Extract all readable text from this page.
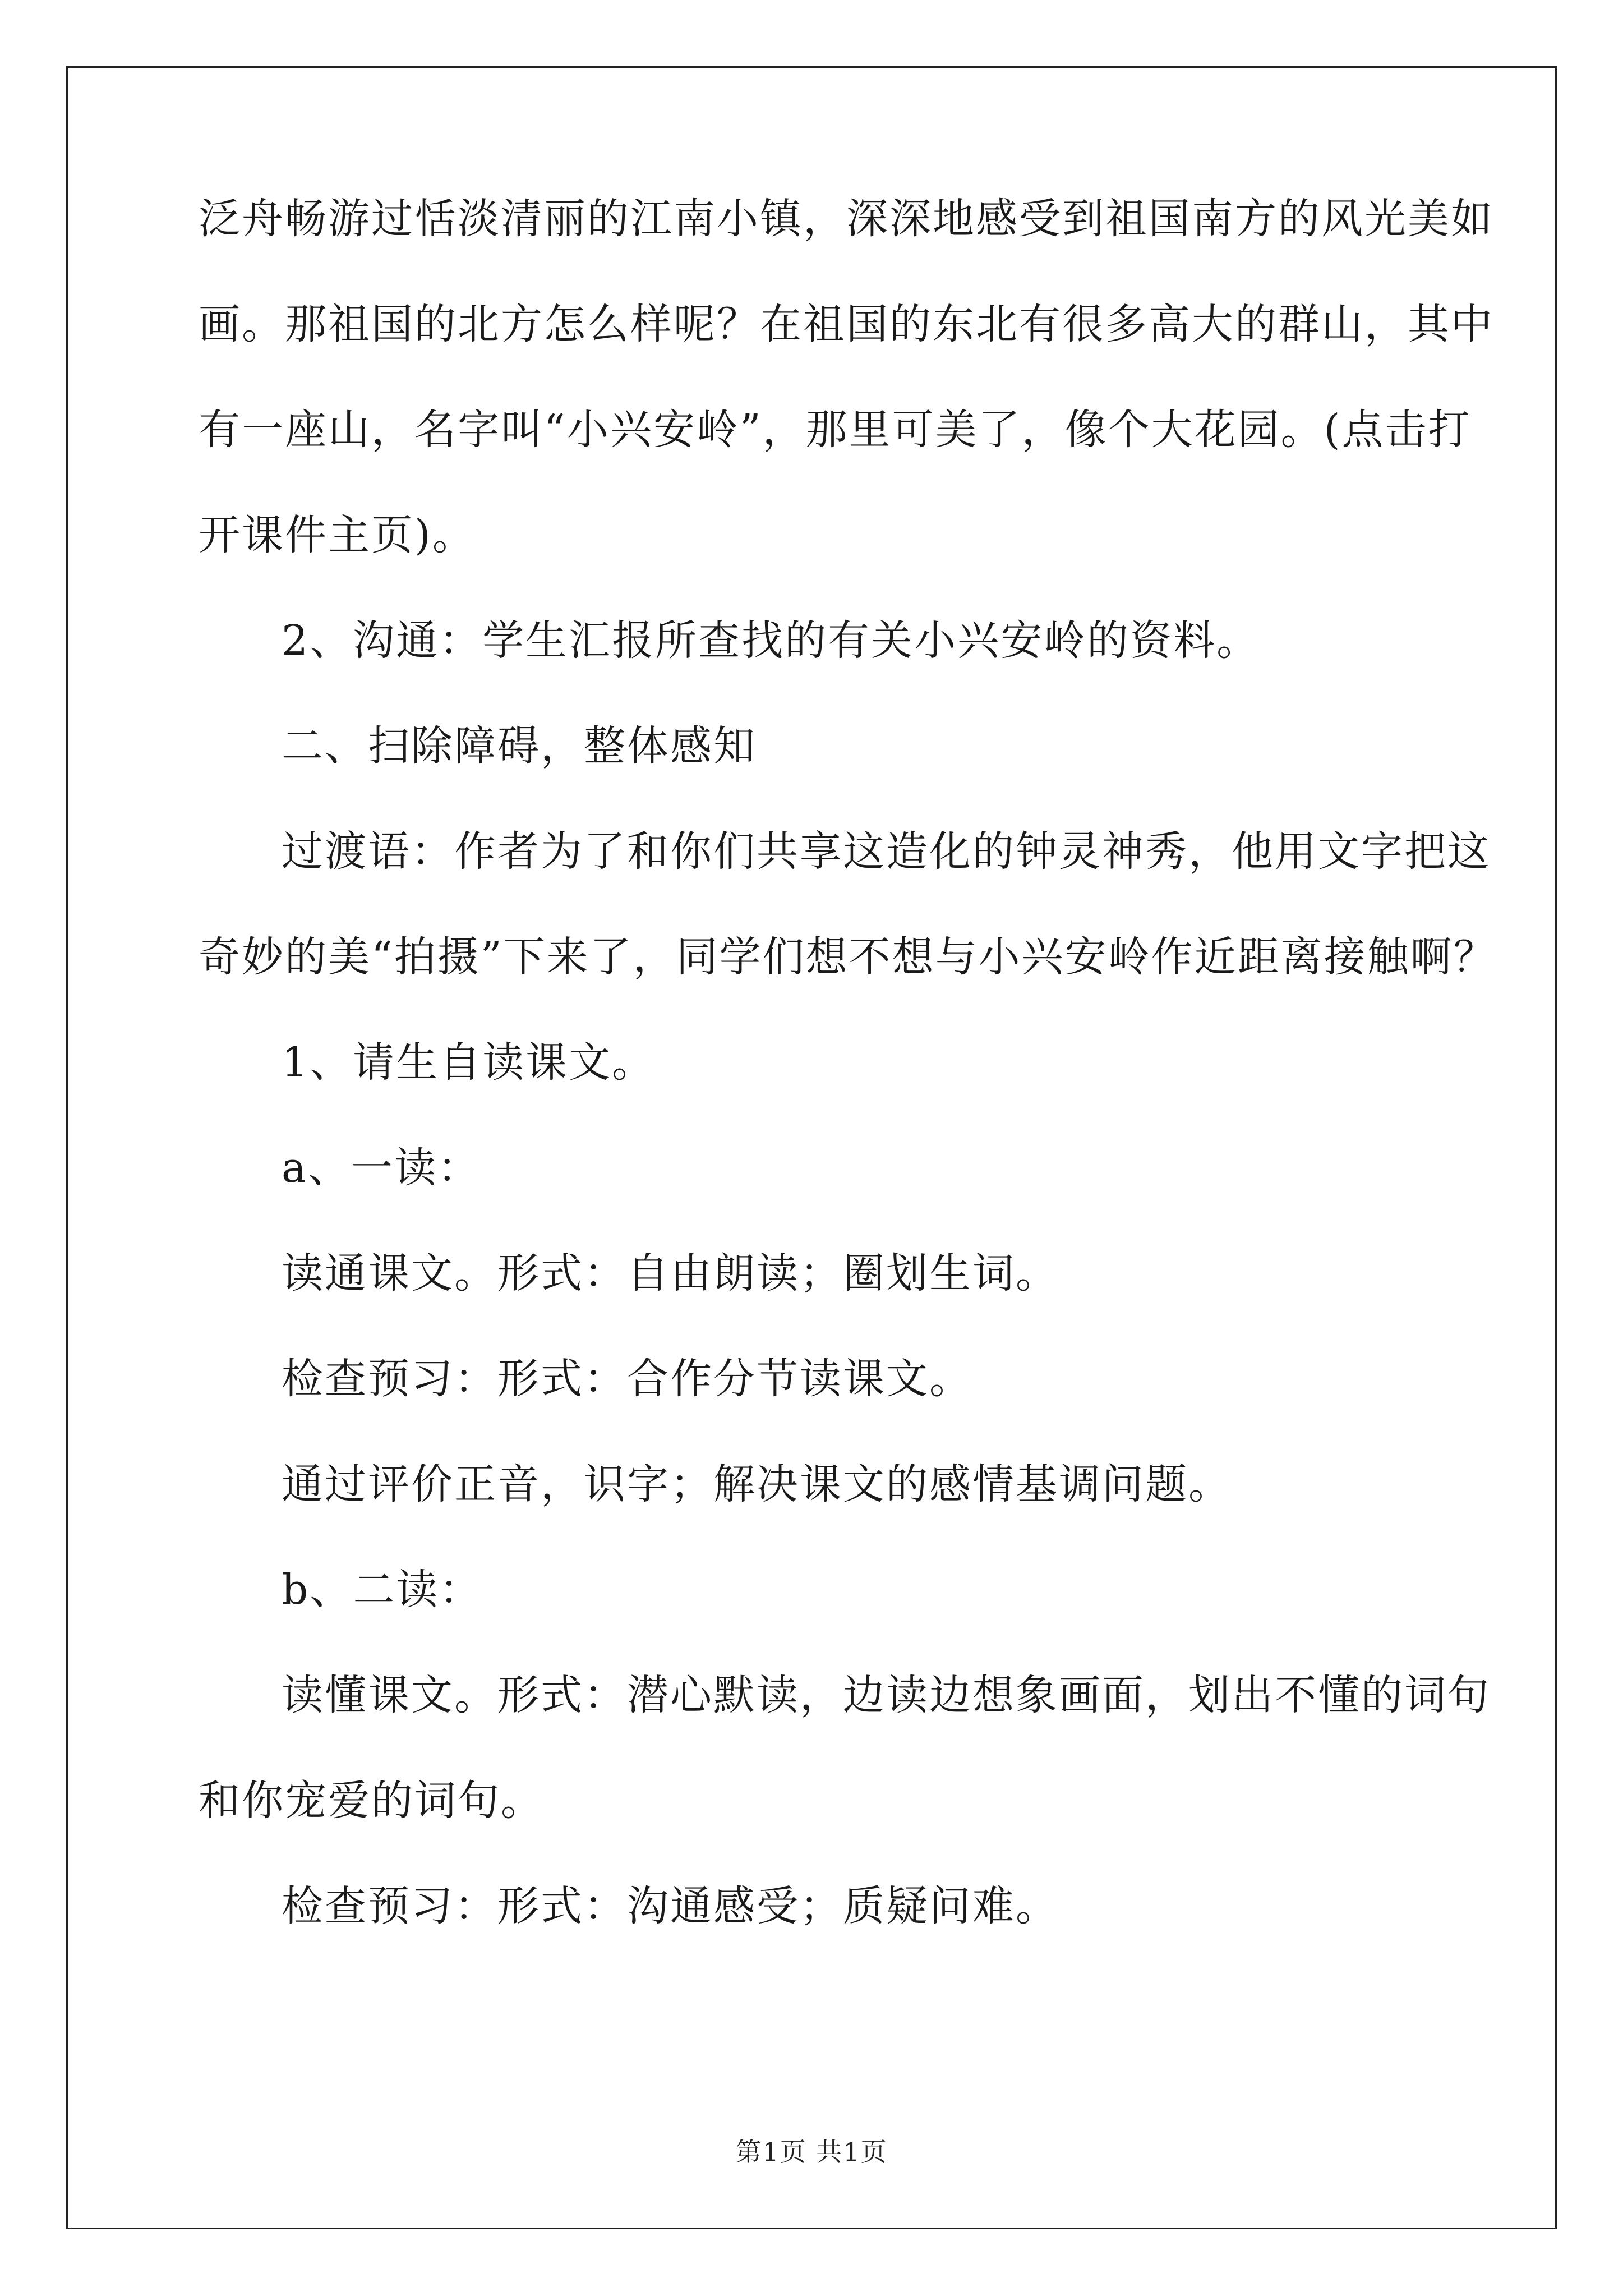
泛舟畅游过恬淡清丽的江南小镇，深深地感受到祖国南方的风光美如
画。那祖国的北方怎么样呢？在祖国的东北有很多高大的群山，其中
有一座山，名字叫“小兴安岭”，那里可美了，像个大花园。(点击打
开课件主页)。
2、沟通：学生汇报所查找的有关小兴安岭的资料。
二、扫除障碍，整体感知
过渡语：作者为了和你们共享这造化的钟灵神秀，他用文字把这
奇妙的美“拍摄”下来了，同学们想不想与小兴安岭作近距离接触啊？
1、请生自读课文。
a、一读：
读通课文。形式：自由朗读；圈划生词。
检查预习：形式：合作分节读课文。
通过评价正音，识字；解决课文的感情基调问题。
b、二读：
读懂课文。形式：潜心默读，边读边想象画面，划出不懂的词句
和你宠爱的词句。
检查预习：形式：沟通感受；质疑问难。
第1页 共1页
